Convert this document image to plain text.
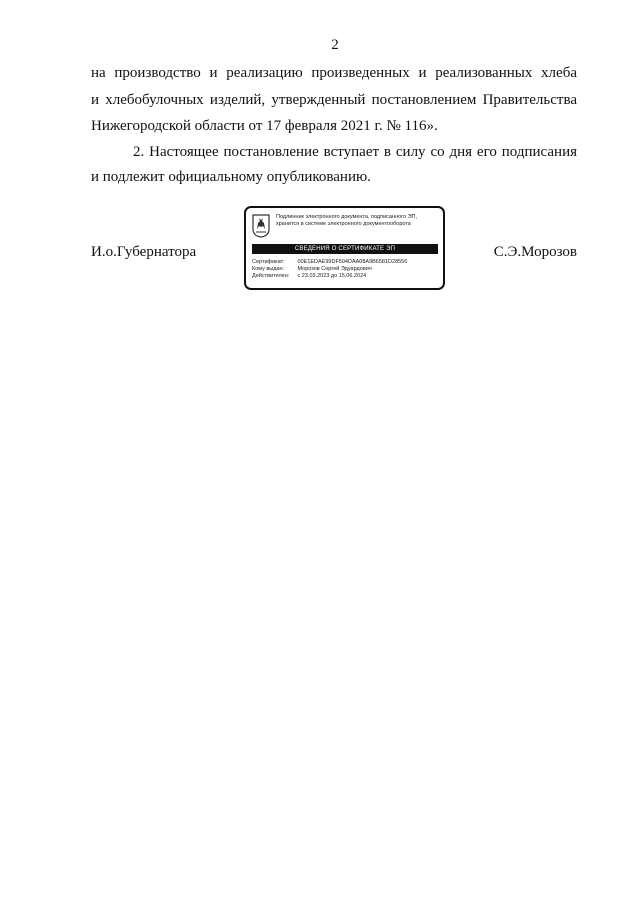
2
на производство и реализацию произведенных и реализованных хлеба
и хлебобулочных изделий, утвержденный постановлением Правительства
Нижегородской области от 17 февраля 2021 г. № 116».
2. Настоящее постановление вступает в силу со дня его подписания
и подлежит официальному опубликованию.
И.о.Губернатора
Подлинник электронного документа, подписанного ЭП,
хранится в системе электронного документооборота
СВЕДЕНИЯ О СЕРТИФИКАТЕ ЭП
Сертификат: 00E1EDAE99DF504DAA08A9B6581D28556
Кому выдан: Морозов Сергей Эдуардович
Действителен: с 23.03.2023 до 15.06.2024
С.Э.Морозов
